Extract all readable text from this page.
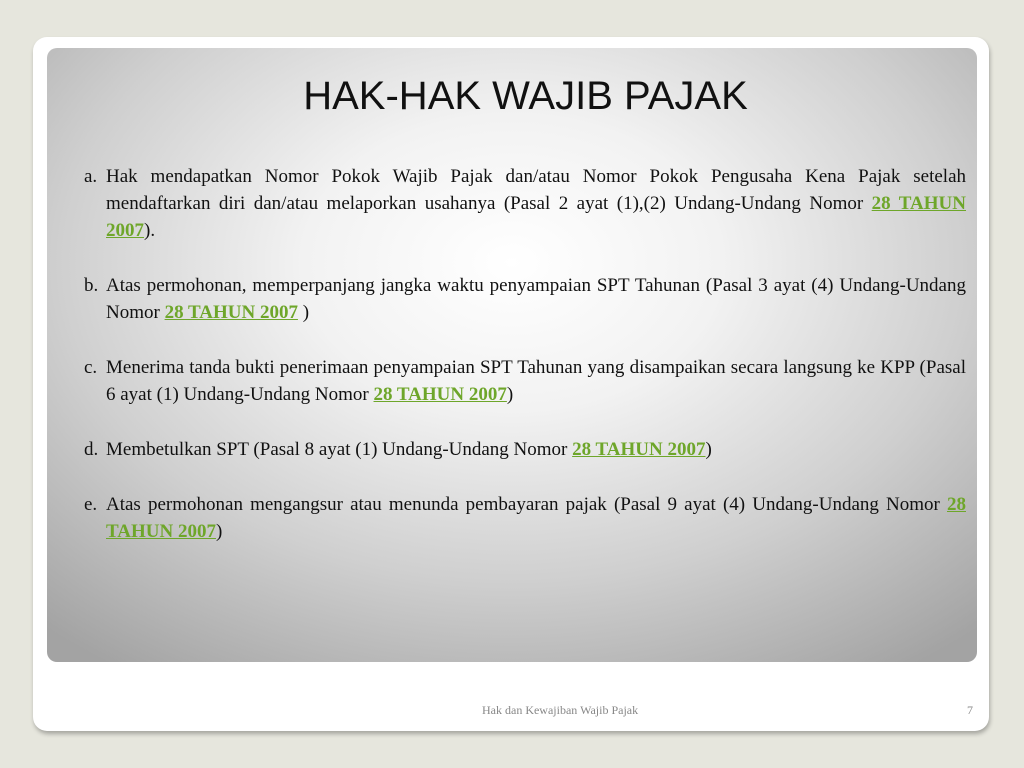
HAK-HAK WAJIB PAJAK
a. Hak mendapatkan Nomor Pokok Wajib Pajak dan/atau Nomor Pokok Pengusaha Kena Pajak setelah mendaftarkan diri dan/atau melaporkan usahanya (Pasal 2 ayat (1),(2) Undang-Undang Nomor 28 TAHUN 2007).
b. Atas permohonan, memperpanjang jangka waktu penyampaian SPT Tahunan (Pasal 3 ayat (4) Undang-Undang Nomor 28 TAHUN 2007 )
c. Menerima tanda bukti penerimaan penyampaian SPT Tahunan yang disampaikan secara langsung ke KPP (Pasal 6 ayat (1) Undang-Undang Nomor 28 TAHUN 2007)
d. Membetulkan SPT (Pasal 8 ayat (1) Undang-Undang Nomor 28 TAHUN 2007)
e. Atas permohonan mengangsur atau menunda pembayaran pajak (Pasal 9 ayat (4) Undang-Undang Nomor 28 TAHUN 2007)
Hak dan Kewajiban Wajib Pajak	7
